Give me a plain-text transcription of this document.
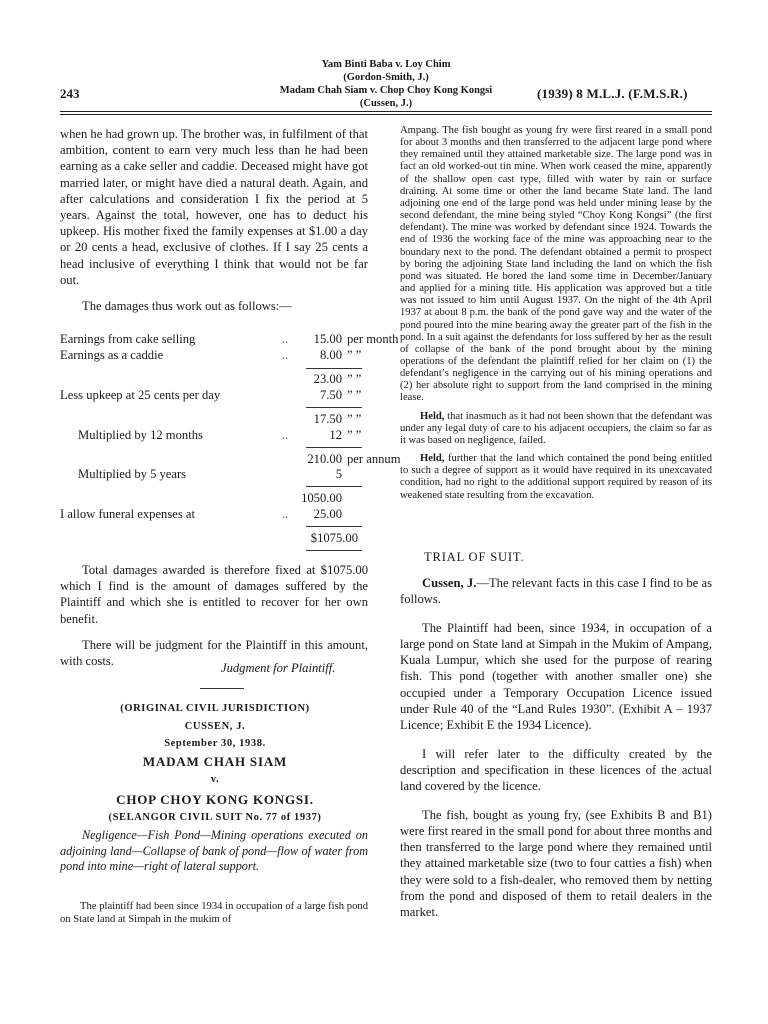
243
Yam Binti Baba v. Loy Chim
(Gordon-Smith, J.)
Madam Chah Siam v. Chop Choy Kong Kongsi
(Cussen, J.)
(1939) 8 M.L.J. (F.M.S.R.)

when he had grown up. The brother was, in fulfilment of that ambition, content to earn very much less than he had been earning as a cake seller and caddie. Deceased might have got married later, or might have died a natural death. Again, and after calculations and consideration I fix the period at 5 years. Against the total, however, one has to deduct his upkeep. His mother fixed the family expenses at $1.00 a day or 20 cents a head, exclusive of clothes. If I say 25 cents a head inclusive of everything I think that would not be far out.

The damages thus work out as follows:—

Earnings from cake selling	..	15.00 per month
Earnings as a caddie	..	8.00 ” ”
23.00 ” ”
Less upkeep at 25 cents per day	7.50 ” ”
17.50 ” ”
Multiplied by 12 months	..	12 ” ”
210.00 per annum
Multiplied by 5 years	5
1050.00
I allow funeral expenses at	..	25.00
$1075.00

Total damages awarded is therefore fixed at $1075.00 which I find is the amount of damages suffered by the Plaintiff and which she is entitled to recover for her own benefit.

There will be judgment for the Plaintiff in this amount, with costs.	Judgment for Plaintiff.
(ORIGINAL CIVIL JURISDICTION)
CUSSEN, J.
September 30, 1938.
MADAM CHAH SIAM
v.
CHOP CHOY KONG KONGSI.
(SELANGOR CIVIL SUIT No. 77 of 1937)
Negligence—Fish Pond—Mining operations executed on adjoining land—Collapse of bank of pond—flow of water from pond into mine—right of lateral support.
The plaintiff had been since 1934 in occupation of a large fish pond on State land at Simpah in the mukim of

Ampang. The fish bought as young fry were first reared in a small pond for about 3 months and then transferred to the adjacent large pond where they remained until they attained marketable size. The large pond was in fact an old worked-out tin mine. When work ceased the mine, apparently of the shallow open cast type, filled with water by rain or surface draining. At some time or other the land became State land. The land adjoining one end of the large pond was held under mining lease by the second defendant, the mine being styled “Choy Kong Kongsi” (the first defendant). The mine was worked by defendant since 1924. Towards the end of 1936 the working face of the mine was approaching near to the boundary next to the pond. The defendant obtained a permit to prospect by boring the adjoining State land including the land on which the fish pond was situated. He bored the land some time in December/January and applied for a mining title. His application was approved but a title was not issued to him until August 1937. On the night of the 4th April 1937 at about 8 p.m. the bank of the pond gave way and the water of the pond poured into the mine bearing away the greater part of the fish in the pond. In a suit against the defendants for loss suffered by her as the result of collapse of the bank of the pond brought about by the mining operations of the defendant the plaintiff relied for her claim on (1) the defendant’s negligence in the carrying out of his mining operations and (2) her absolute right to support from the land comprised in the mining lease.

Held, that inasmuch as it had not been shown that the defendant was under any legal duty of care to his adjacent occupiers, the claim so far as it was based on negligence, failed.

Held, further that the land which contained the pond being entitled to such a degree of support as it would have required in its unexcavated condition, had no right to the additional support required by reason of its weakened state resulting from the excavation.

TRIAL OF SUIT.

Cussen, J.—The relevant facts in this case I find to be as follows.

The Plaintiff had been, since 1934, in occupation of a large pond on State land at Simpah in the Mukim of Ampang, Kuala Lumpur, which she used for the purpose of rearing fish. This pond (together with another smaller one) she occupied under a Temporary Occupation Licence issued under Rule 40 of the “Land Rules 1930”. (Exhibit A – 1937 Licence; Exhibit E the 1934 Licence).

I will refer later to the difficulty created by the description and specification in these licences of the actual land covered by the licence.

The fish, bought as young fry, (see Exhibits B and B1) were first reared in the small pond for about three months and then transferred to the large pond where they remained until they attained marketable size (two to four catties a fish) when they were sold to a fish-dealer, who removed them by netting from the pond and disposed of them to retail dealers in the market.
